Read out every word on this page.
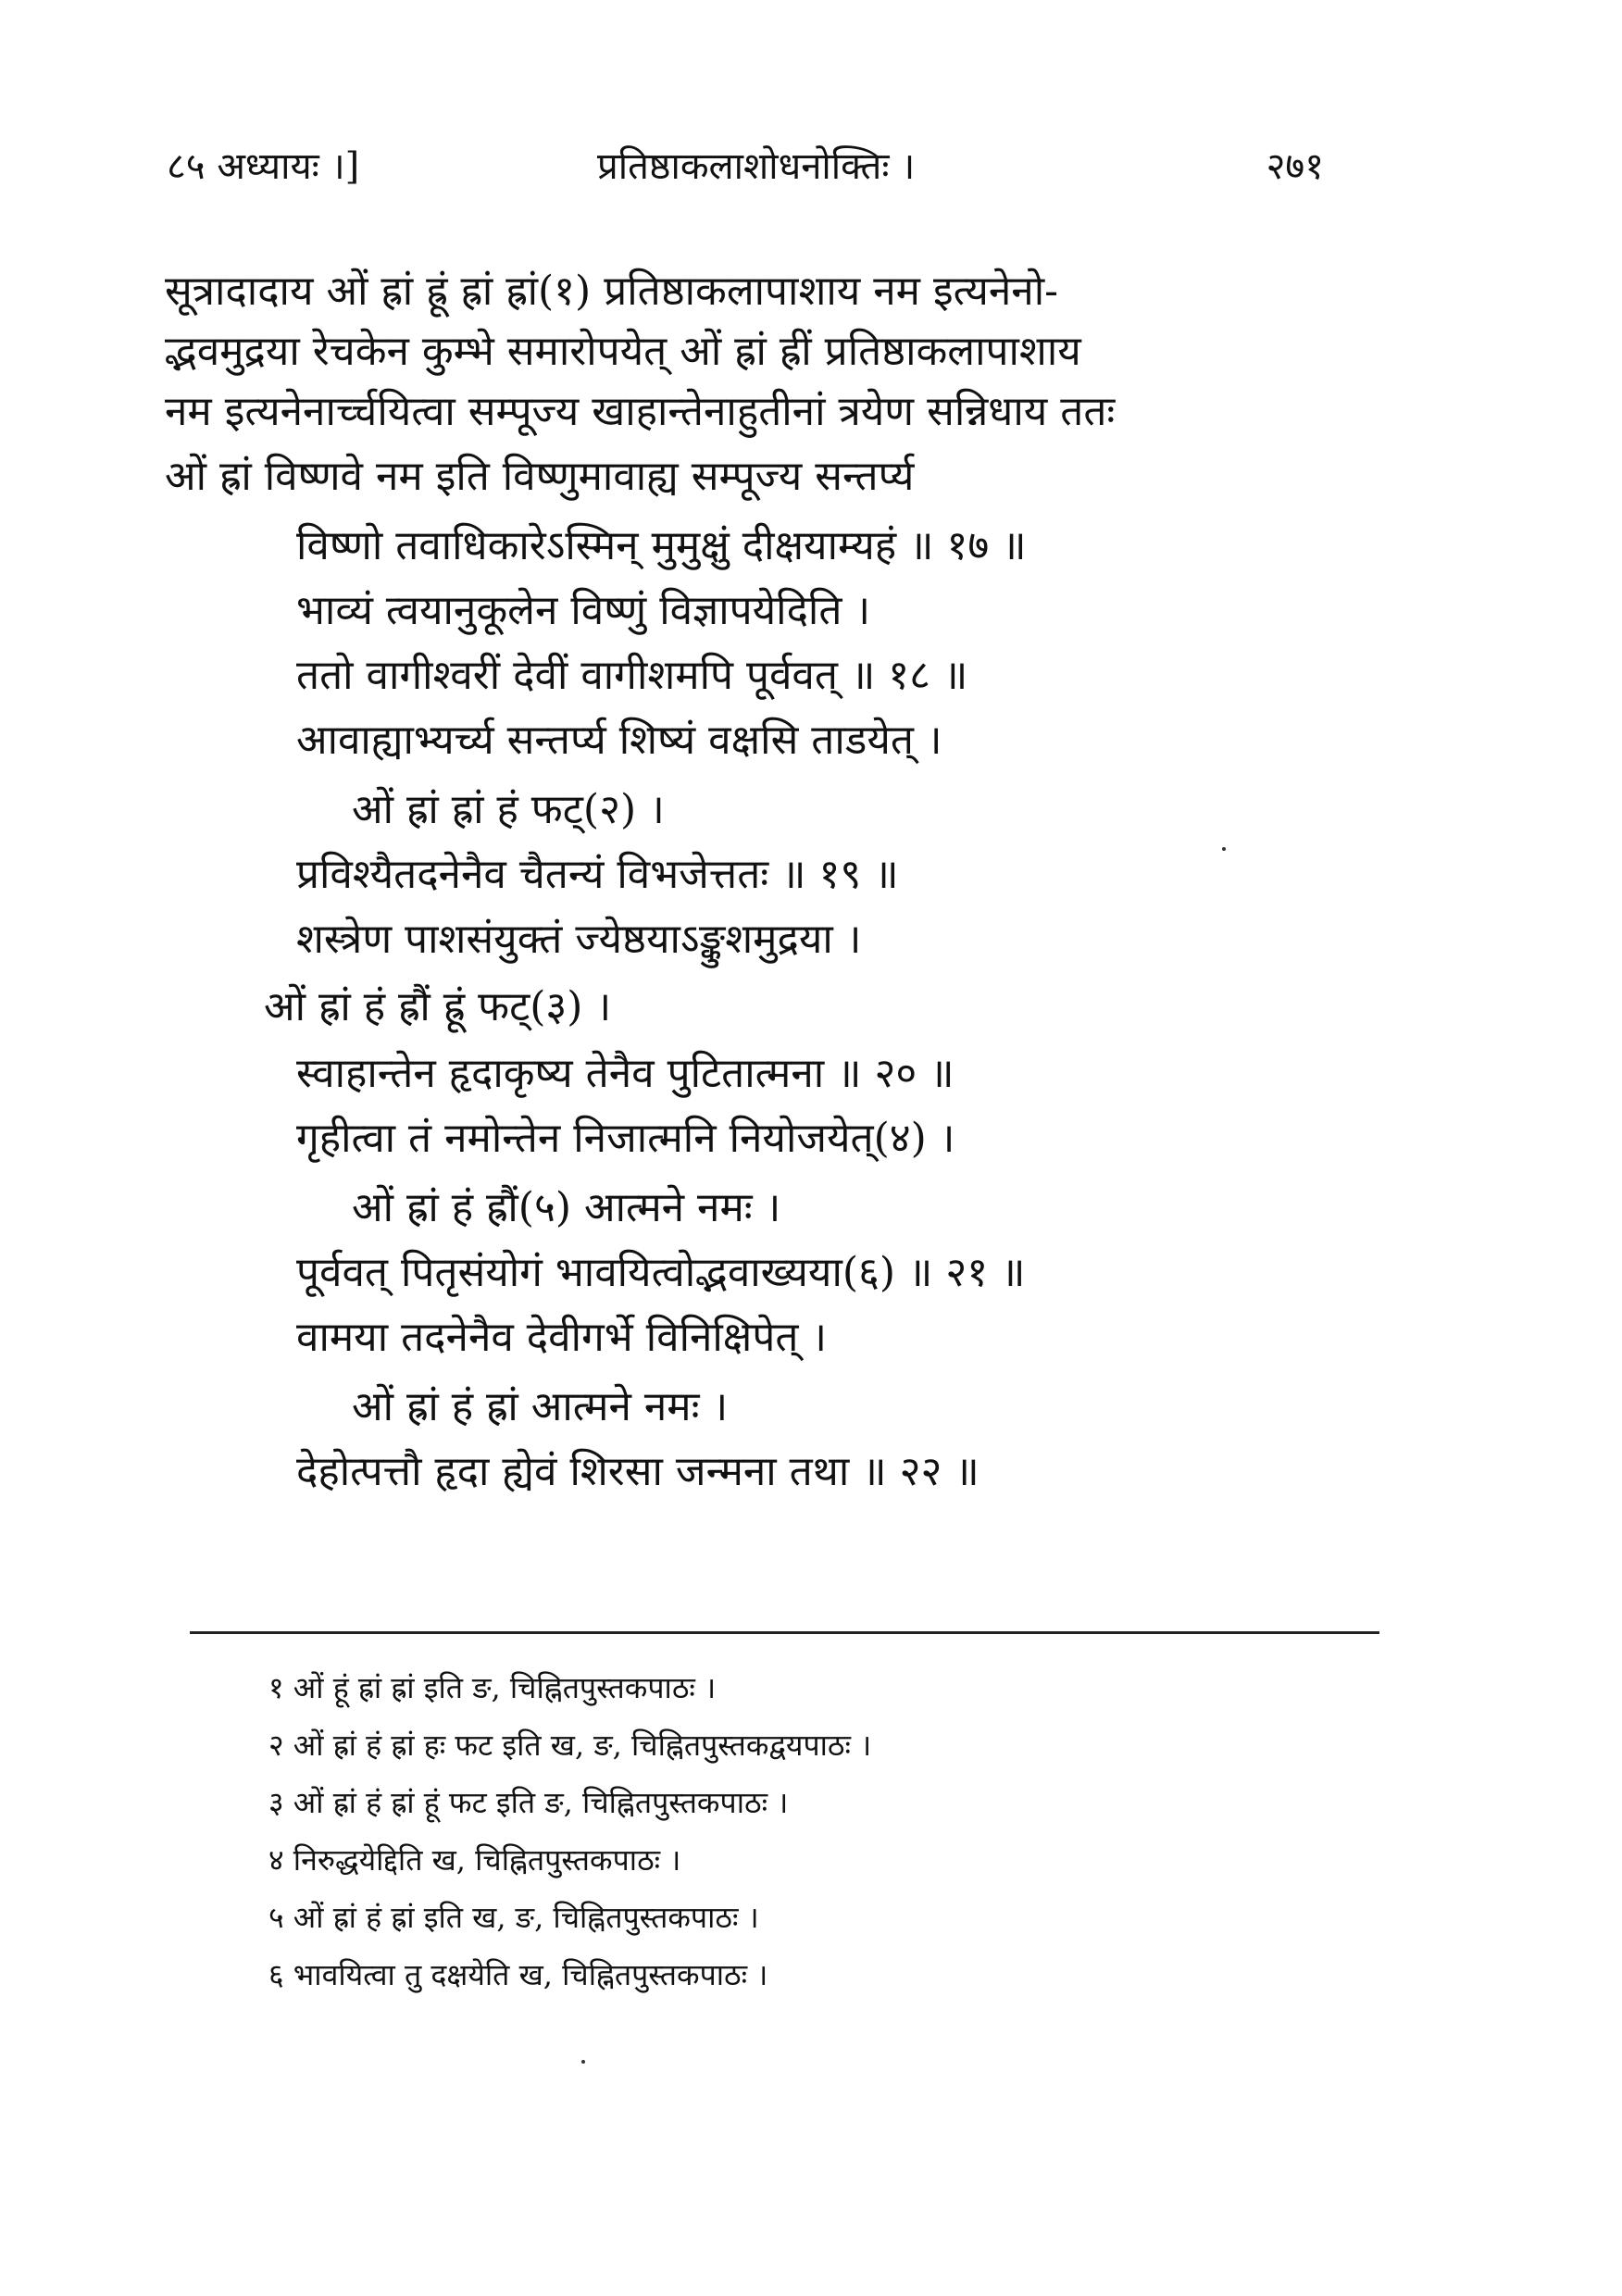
८५ अध्यायः ।]	प्रतिष्ठाकलाशोधनोक्तिः ।	२७१
सूत्रादादाय ओं ह्रां ह्रूं ह्रां ह्रां(१) प्रतिष्ठाकलापाशाय नम इत्यनेनो-
द्भवमुद्रया रेचकेन कुम्भे समारोपयेत् ओं ह्रां ह्रीं प्रतिष्ठाकलापाशाय
नम इत्यनेनार्च्चयित्वा सम्पूज्य खाहान्तेनाहुतीनां त्रयेण सन्निधाय ततः
ओं ह्रां विष्णवे नम इति विष्णुमावाह्य सम्पूज्य सन्तर्प्य
विष्णो तवाधिकारेऽस्मिन् मुमुक्षुं दीक्षयाम्यहं ॥ १७ ॥
भाव्यं त्वयानुकूलेन विष्णुं विज्ञापयेदिति ।
ततो वागीश्वरीं देवीं वागीशमपि पूर्ववत् ॥ १८ ॥
आवाह्याभ्यर्च्य सन्तर्प्य शिष्यं वक्षसि ताडयेत् ।
ओं ह्रां ह्रां हं फट्(२) ।
प्रविश्यैतदनेनैव चैतन्यं विभजेत्ततः ॥ १९ ॥
शस्त्रेण पाशसंयुक्तं ज्येष्ठयाऽङ्कुशमुद्रया ।
ओं ह्रां हं ह्रौं ह्रूं फट्(३) ।
स्वाहान्तेन हृदाकृष्य तेनैव पुटितात्मना ॥ २० ॥
गृहीत्वा तं नमोन्तेन निजात्मनि नियोजयेत्(४) ।
ओं ह्रां हं ह्रौं(५) आत्मने नमः ।
पूर्ववत् पितृसंयोगं भावयित्वोद्भवाख्यया(६) ॥ २१ ॥
वामया तदनेनैव देवीगर्भे विनिक्षिपेत् ।
ओं ह्रां हं ह्रां आत्मने नमः ।
देहोत्पत्तौ हृदा ह्येवं शिरसा जन्मना तथा ॥ २२ ॥
१ ओं हूं ह्रां ह्रां इति ङ, चिह्नितपुस्तकपाठः ।
२ ओं ह्रां हं ह्रां हः फट इति ख, ङ, चिह्नितपुस्तकद्वयपाठः ।
३ ओं ह्रां हं ह्रां हूं फट इति ङ, चिह्नितपुस्तकपाठः ।
४ निरुद्धयेद्दिति ख, चिह्नितपुस्तकपाठः ।
५ ओं ह्रां हं ह्रां इति ख, ङ, चिह्नितपुस्तकपाठः ।
६ भावयित्वा तु दक्षयेति ख, चिह्नितपुस्तकपाठः ।
